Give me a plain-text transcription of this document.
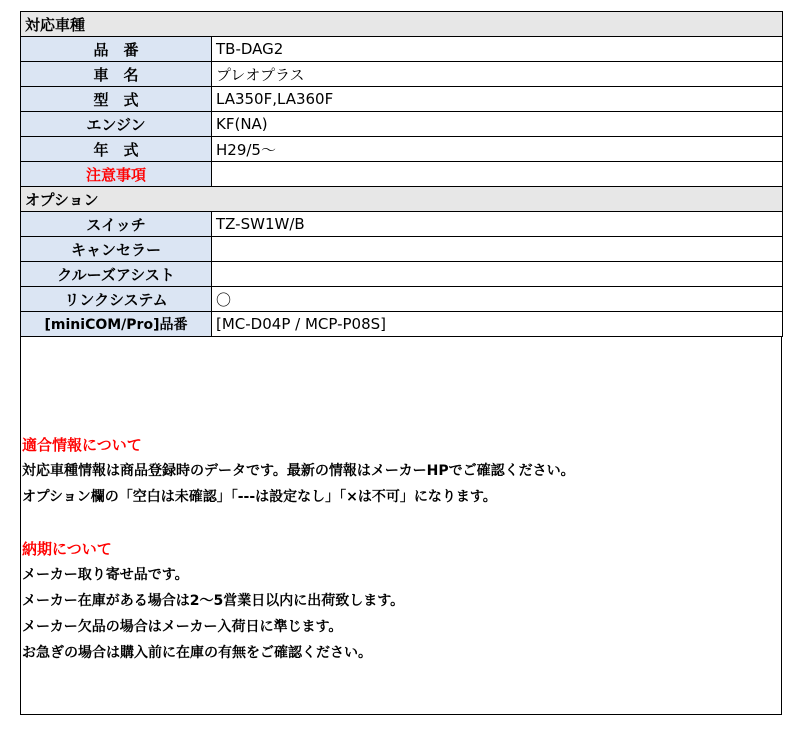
対応車種	
品　番	TB-DAG2
車　名	プレオプラス
型　式	LA350F,LA360F
エンジン	KF(NA)
年　式	H29/5～
注意事項	
オプション	
スイッチ	TZ-SW1W/B
キャンセラー	
クルーズアシスト	
リンクシステム	〇
[miniCOM/Pro]品番	[MC-D04P / MCP-P08S]
適合情報について
対応車種情報は商品登録時のデータです。最新の情報はメーカーHPでご確認ください。
オプション欄の「空白は未確認」「---は設定なし」「×は不可」になります。
納期について
メーカー取り寄せ品です。
メーカー在庫がある場合は2～5営業日以内に出荷致します。
メーカー欠品の場合はメーカー入荷日に準じます。
お急ぎの場合は購入前に在庫の有無をご確認ください。
